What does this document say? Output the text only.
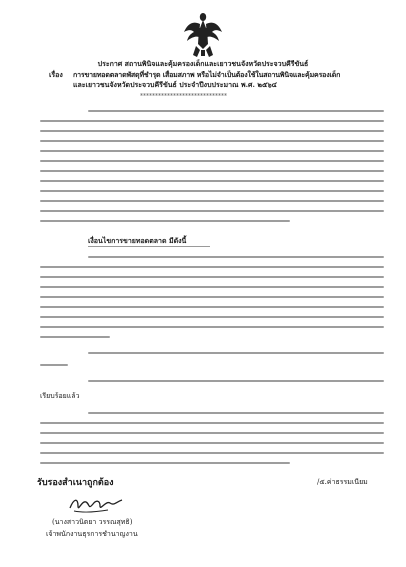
ประกาศ สถานพินิจและคุ้มครองเด็กและเยาวชนจังหวัดประจวบคีรีขันธ์
เรื่อง การขายทอดตลาดพัสดุที่ชำรุด เสื่อมสภาพ หรือไม่จำเป็นต้องใช้ในสถานพินิจและคุ้มครองเด็ก
และเยาวชนจังหวัดประจวบคีรีขันธ์ ประจำปีงบประมาณ พ.ศ. ๒๕๖๔
*****************************
เงื่อนไขการขายทอดตลาด มีดังนี้
เรียบร้อยแล้ว
รับรองสำเนาถูกต้อง
(นางสาวนิตยา วรรณสุทธิ)
เจ้าพนักงานธุรการชำนาญงาน
/๕.ค่าธรรมเนียม
